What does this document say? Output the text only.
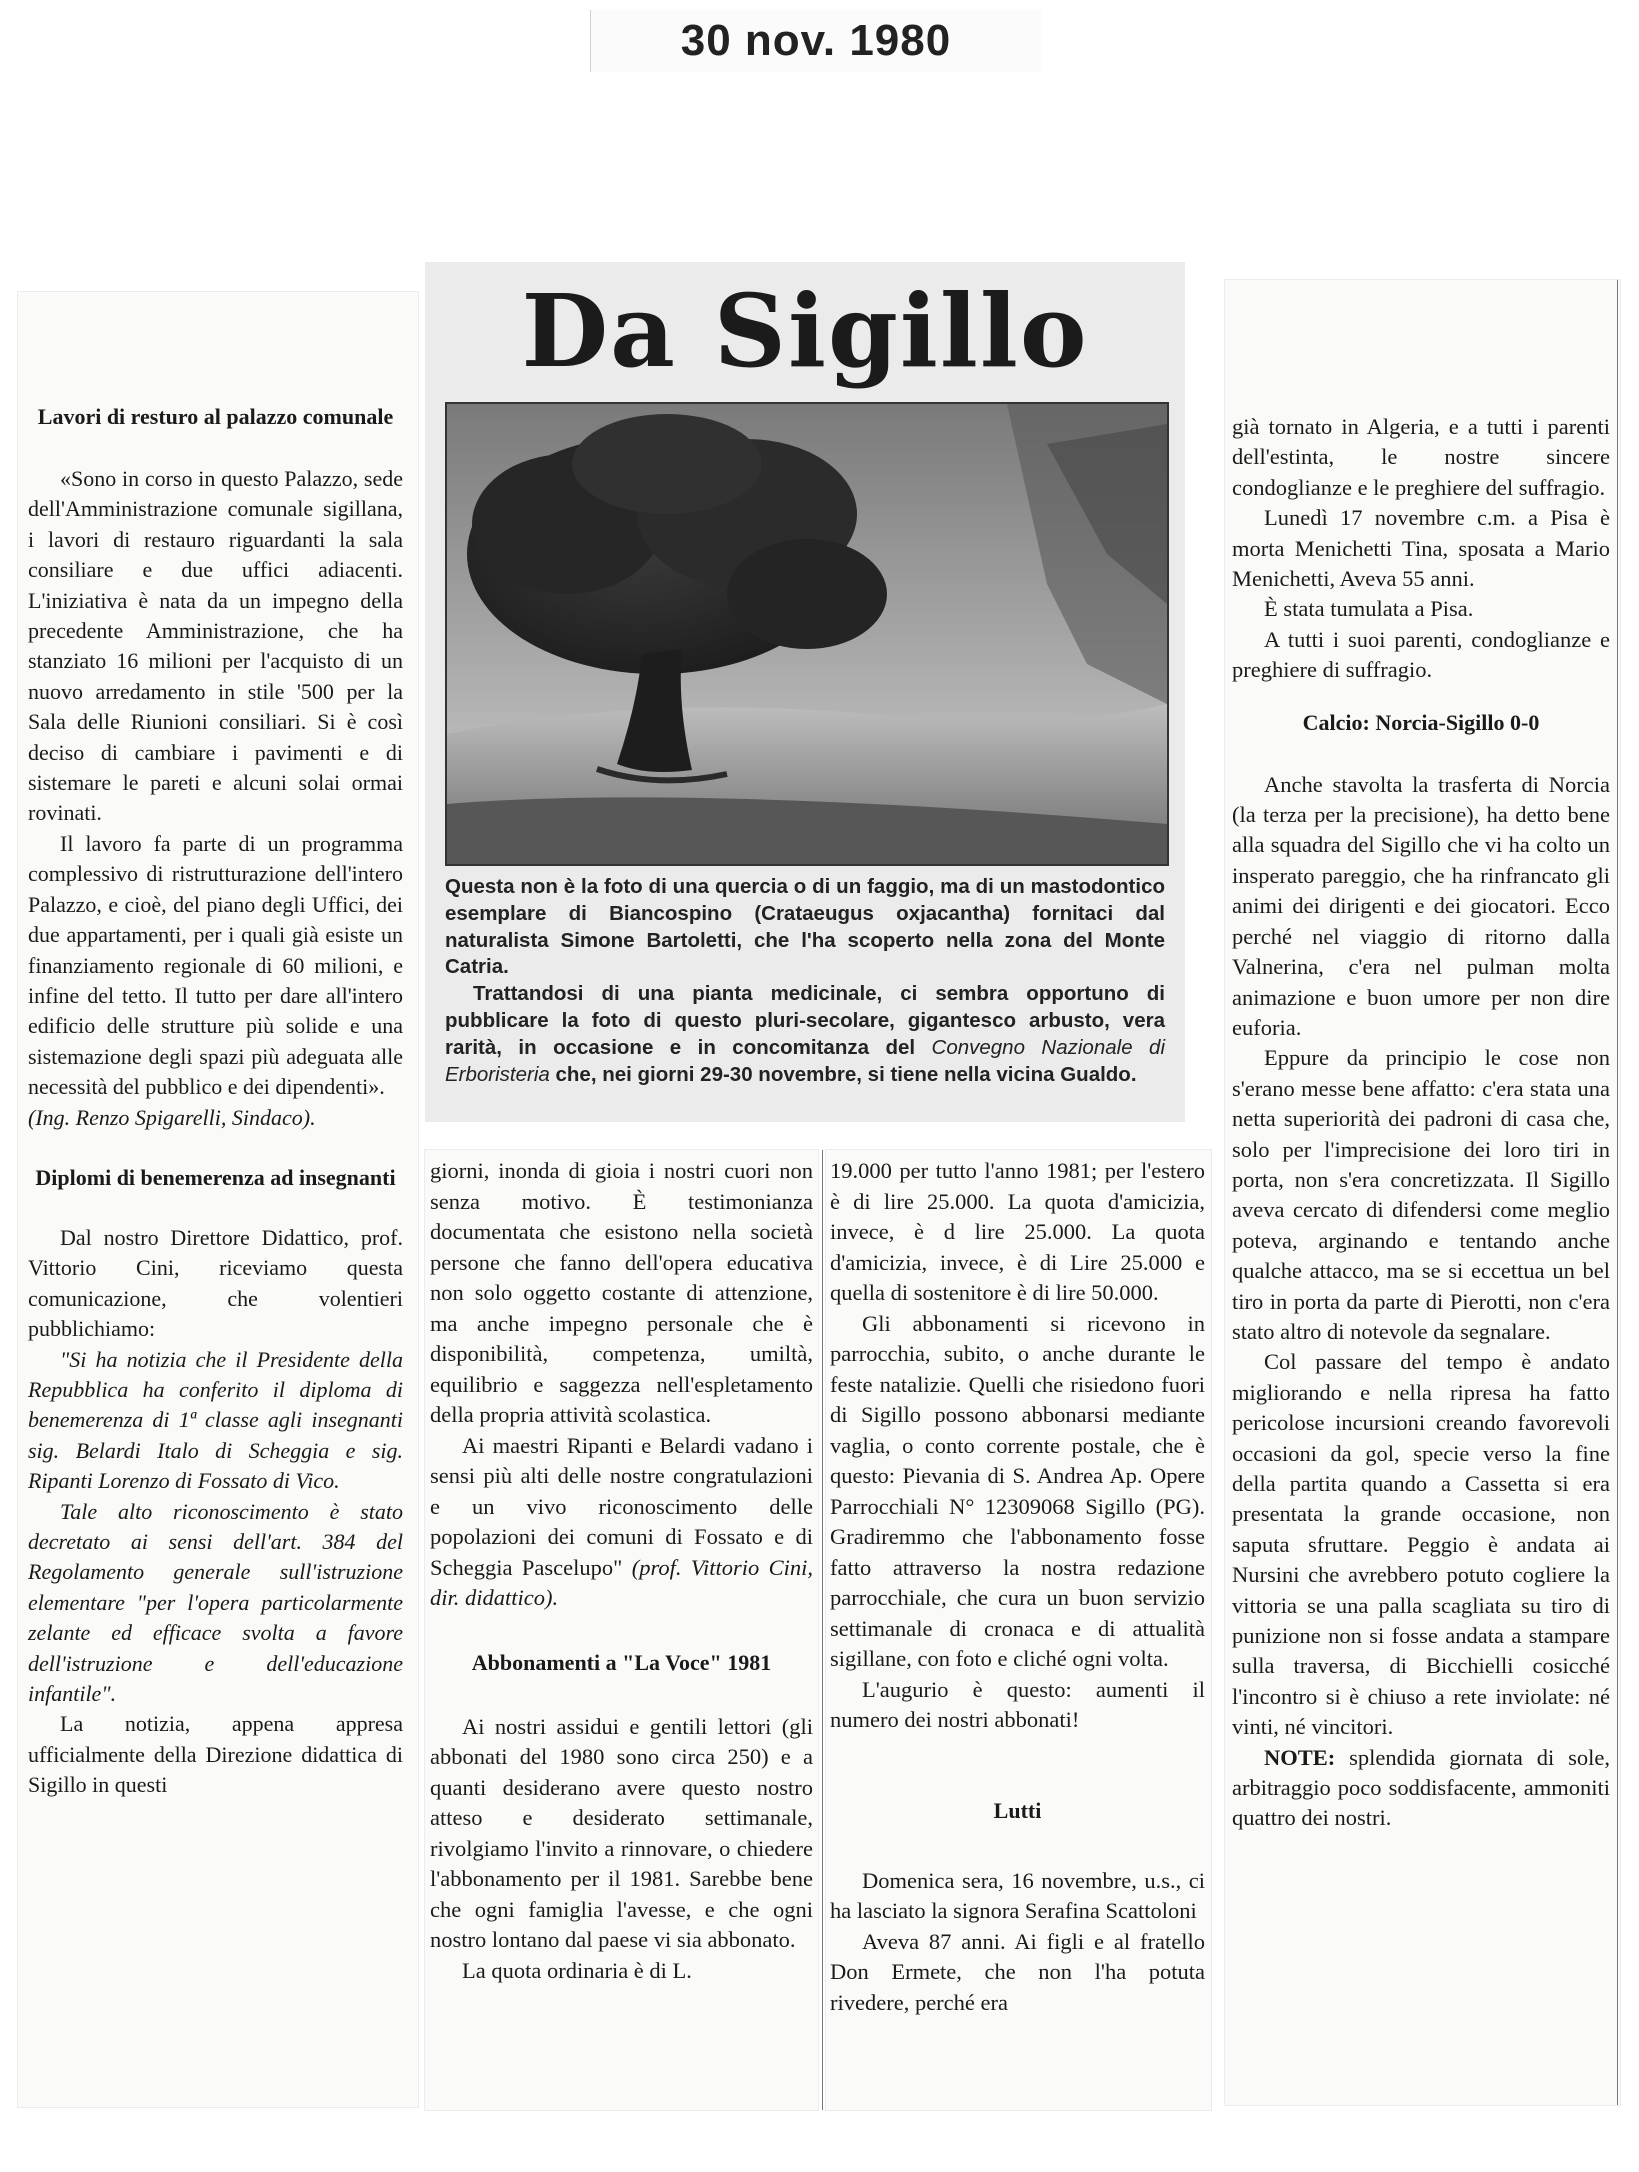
30 nov. 1980
Lavori di resturo al palazzo comunale

«Sono in corso in questo Palazzo, sede dell'Amministrazione comunale sigillana, i lavori di restauro riguardanti la sala consiliare e due uffici adiacenti. L'iniziativa è nata da un impegno della precedente Amministrazione, che ha stanziato 16 milioni per l'acquisto di un nuovo arredamento in stile '500 per la Sala delle Riunioni consiliari. Si è così deciso di cambiare i pavimenti e di sistemare le pareti e alcuni solai ormai rovinati.

Il lavoro fa parte di un programma complessivo di ristrutturazione dell'intero Palazzo, e cioè, del piano degli Uffici, dei due appartamenti, per i quali già esiste un finanziamento regionale di 60 milioni, e infine del tetto. Il tutto per dare all'intero edificio delle strutture più solide e una sistemazione degli spazi più adeguata alle necessità del pubblico e dei dipendenti».

(Ing. Renzo Spigarelli, Sindaco).

Diplomi di benemerenza ad insegnanti

Dal nostro Direttore Didattico, prof. Vittorio Cini, riceviamo questa comunicazione, che volentieri pubblichiamo:

"Si ha notizia che il Presidente della Repubblica ha conferito il diploma di benemerenza di 1ª classe agli insegnanti sig. Belardi Italo di Scheggia e sig. Ripanti Lorenzo di Fossato di Vico.

Tale alto riconoscimento è stato decretato ai sensi dell'art. 384 del Regolamento generale sull'istruzione elementare "per l'opera particolarmente zelante ed efficace svolta a favore dell'istruzione e dell'educazione infantile".

La notizia, appena appresa ufficialmente della Direzione didattica di Sigillo in questi

Da Sigillo

Questa non è la foto di una quercia o di un faggio, ma di un mastodontico esemplare di Biancospino (Crataeugus oxjacantha) fornitaci dal naturalista Simone Bartoletti, che l'ha scoperto nella zona del Monte Catria.

Trattandosi di una pianta medicinale, ci sembra opportuno di pubblicare la foto di questo pluri-secolare, gigantesco arbusto, vera rarità, in occasione e in concomitanza del Convegno Nazionale di Erboristeria che, nei giorni 29-30 novembre, si tiene nella vicina Gualdo.

giorni, inonda di gioia i nostri cuori non senza motivo. È testimonianza documentata che esistono nella società persone che fanno dell'opera educativa non solo oggetto costante di attenzione, ma anche impegno personale che è disponibilità, competenza, umiltà, equilibrio e saggezza nell'espletamento della propria attività scolastica.

Ai maestri Ripanti e Belardi vadano i sensi più alti delle nostre congratulazioni e un vivo riconoscimento delle popolazioni dei comuni di Fossato e di Scheggia Pascelupo" (prof. Vittorio Cini, dir. didattico).

Abbonamenti a "La Voce" 1981

Ai nostri assidui e gentili lettori (gli abbonati del 1980 sono circa 250) e a quanti desiderano avere questo nostro atteso e desiderato settimanale, rivolgiamo l'invito a rinnovare, o chiedere l'abbonamento per il 1981. Sarebbe bene che ogni famiglia l'avesse, e che ogni nostro lontano dal paese vi sia abbonato.

La quota ordinaria è di L.

19.000 per tutto l'anno 1981; per l'estero è di lire 25.000. La quota d'amicizia, invece, è d lire 25.000. La quota d'amicizia, invece, è di Lire 25.000 e quella di sostenitore è di lire 50.000.

Gli abbonamenti si ricevono in parrocchia, subito, o anche durante le feste natalizie. Quelli che risiedono fuori di Sigillo possono abbonarsi mediante vaglia, o conto corrente postale, che è questo: Pievania di S. Andrea Ap. Opere Parrocchiali N° 12309068 Sigillo (PG). Gradiremmo che l'abbonamento fosse fatto attraverso la nostra redazione parrocchiale, che cura un buon servizio settimanale di cronaca e di attualità sigillane, con foto e cliché ogni volta.

L'augurio è questo: aumenti il numero dei nostri abbonati!

Lutti

Domenica sera, 16 novembre, u.s., ci ha lasciato la signora Serafina Scattoloni

Aveva 87 anni. Ai figli e al fratello Don Ermete, che non l'ha potuta rivedere, perché era

già tornato in Algeria, e a tutti i parenti dell'estinta, le nostre sincere condoglianze e le preghiere del suffragio.

Lunedì 17 novembre c.m. a Pisa è morta Menichetti Tina, sposata a Mario Menichetti, Aveva 55 anni.

È stata tumulata a Pisa.

A tutti i suoi parenti, condoglianze e preghiere di suffragio.

Calcio: Norcia-Sigillo 0-0

Anche stavolta la trasferta di Norcia (la terza per la precisione), ha detto bene alla squadra del Sigillo che vi ha colto un insperato pareggio, che ha rinfrancato gli animi dei dirigenti e dei giocatori. Ecco perché nel viaggio di ritorno dalla Valnerina, c'era nel pulman molta animazione e buon umore per non dire euforia.

Eppure da principio le cose non s'erano messe bene affatto: c'era stata una netta superiorità dei padroni di casa che, solo per l'imprecisione dei loro tiri in porta, non s'era concretizzata. Il Sigillo aveva cercato di difendersi come meglio poteva, arginando e tentando anche qualche attacco, ma se si eccettua un bel tiro in porta da parte di Pierotti, non c'era stato altro di notevole da segnalare.

Col passare del tempo è andato migliorando e nella ripresa ha fatto pericolose incursioni creando favorevoli occasioni da gol, specie verso la fine della partita quando a Cassetta si era presentata la grande occasione, non saputa sfruttare. Peggio è andata ai Nursini che avrebbero potuto cogliere la vittoria se una palla scagliata su tiro di punizione non si fosse andata a stampare sulla traversa, di Bicchielli cosicché l'incontro si è chiuso a rete inviolate: né vinti, né vincitori.

NOTE: splendida giornata di sole, arbitraggio poco soddisfacente, ammoniti quattro dei nostri.
